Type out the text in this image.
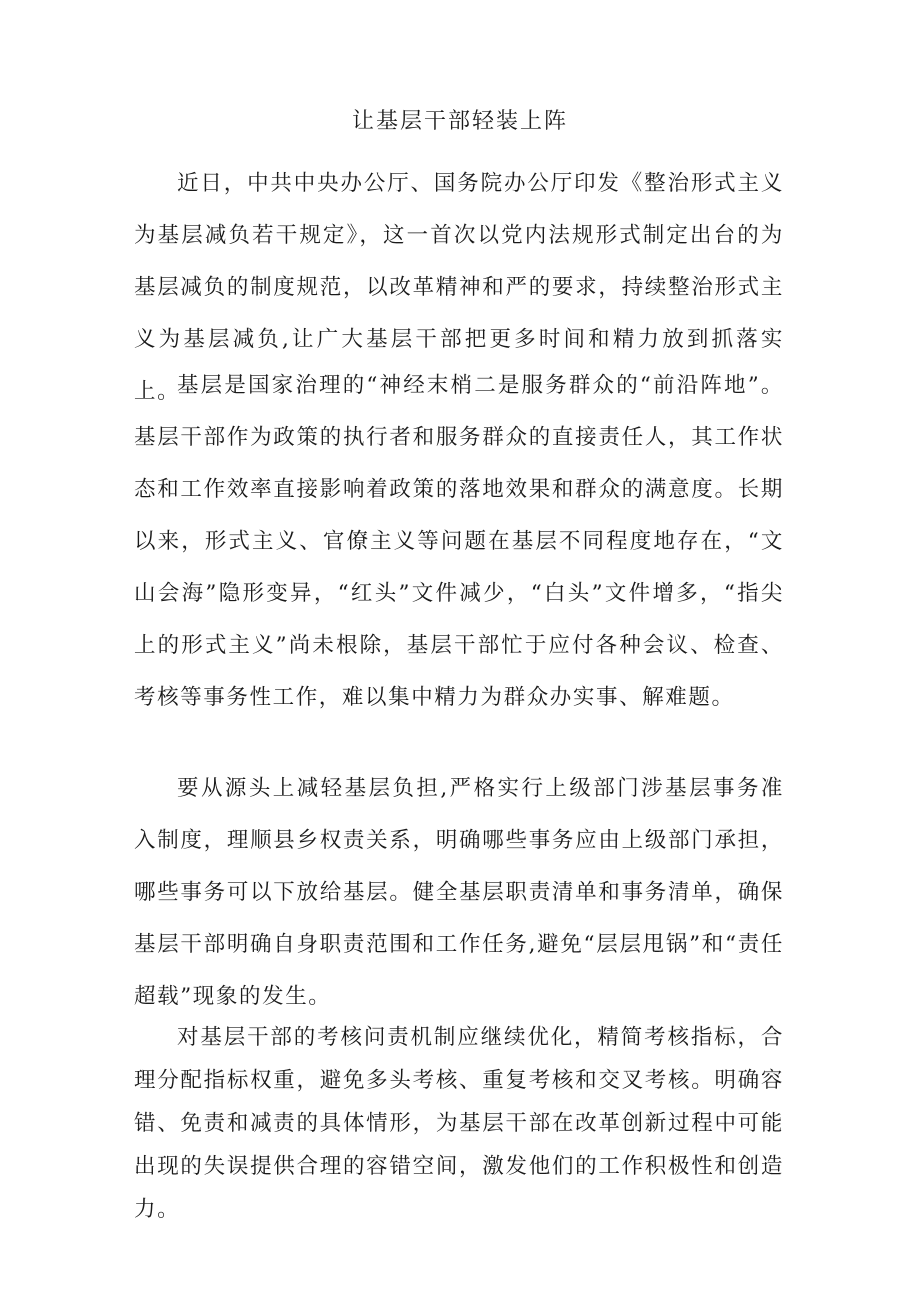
让基层干部轻装上阵

近日，中共中央办公厅、国务院办公厅印发《整治形式主义为基层减负若干规定》，这一首次以党内法规形式制定出台的为基层减负的制度规范，以改革精神和严的要求，持续整治形式主义为基层减负,让广大基层干部把更多时间和精力放到抓落实上。

基层是国家治理的“神经末梢二是服务群众的“前沿阵地”。基层干部作为政策的执行者和服务群众的直接责任人，其工作状态和工作效率直接影响着政策的落地效果和群众的满意度。长期以来，形式主义、官僚主义等问题在基层不同程度地存在，“文山会海”隐形变异，“红头”文件减少，“白头”文件增多，“指尖上的形式主义”尚未根除，基层干部忙于应付各种会议、检查、考核等事务性工作，难以集中精力为群众办实事、解难题。

要从源头上减轻基层负担,严格实行上级部门涉基层事务准入制度，理顺县乡权责关系，明确哪些事务应由上级部门承担，哪些事务可以下放给基层。健全基层职责清单和事务清单，确保基层干部明确自身职责范围和工作任务,避免“层层甩锅”和“责任超载”现象的发生。

对基层干部的考核问责机制应继续优化，精简考核指标，合理分配指标权重，避免多头考核、重复考核和交叉考核。明确容错、免责和减责的具体情形，为基层干部在改革创新过程中可能出现的失误提供合理的容错空间，激发他们的工作积极性和创造力。
